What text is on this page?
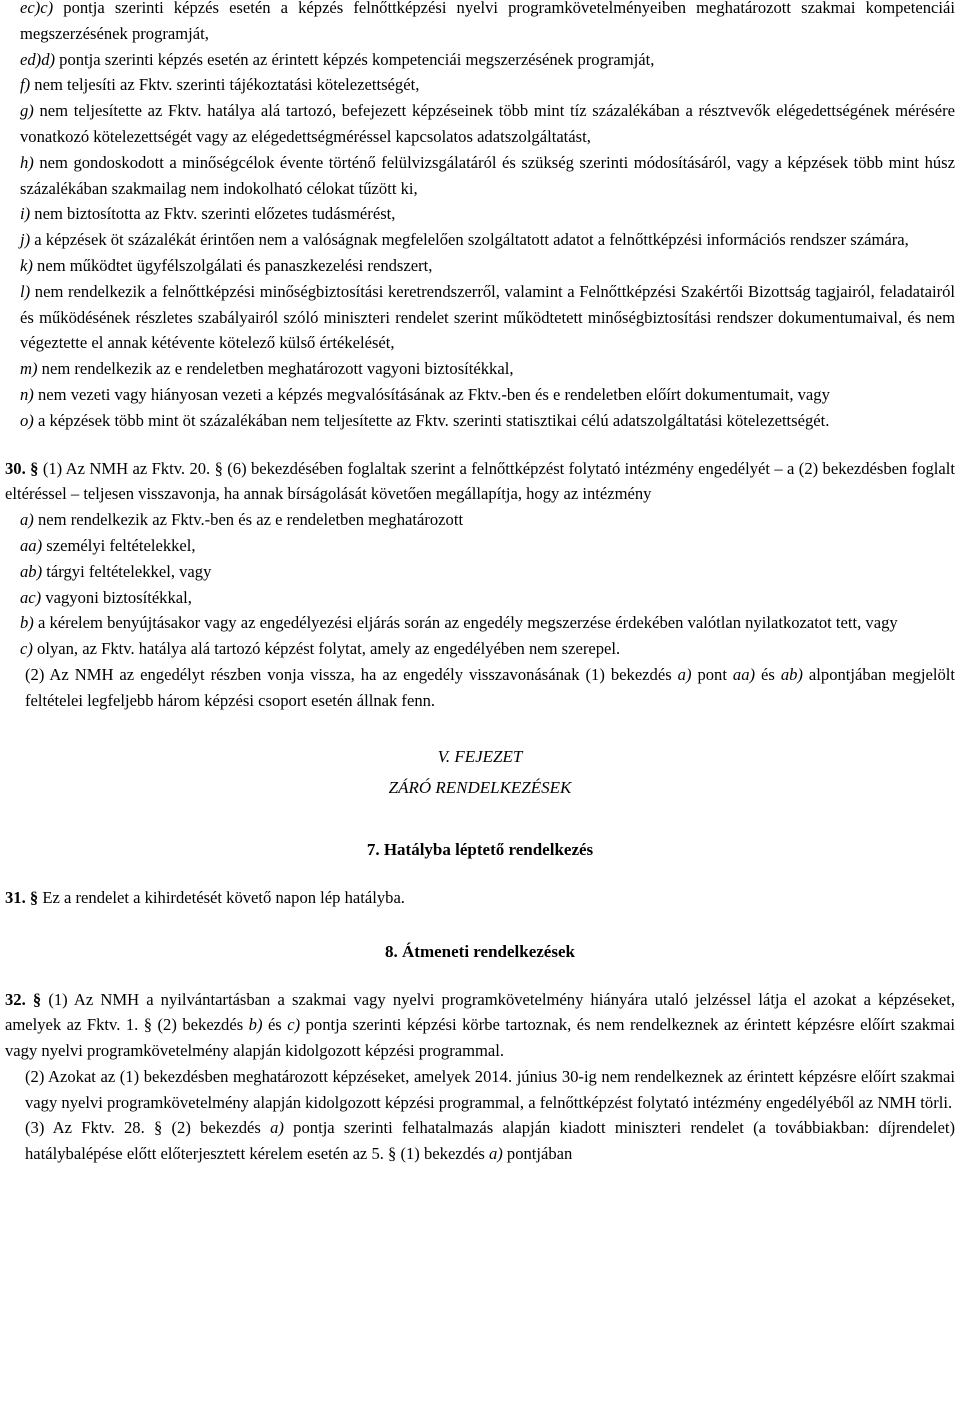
ec)c) pontja szerinti képzés esetén a képzés felnőttképzési nyelvi programkövetelményeiben meghatározott szakmai kompetenciái megszerzésének programját,

ed)d) pontja szerinti képzés esetén az érintett képzés kompetenciái megszerzésének programját,

f) nem teljesíti az Fktv. szerinti tájékoztatási kötelezettségét,

g) nem teljesítette az Fktv. hatálya alá tartozó, befejezett képzéseinek több mint tíz százalékában a résztvevők elégedettségének mérésére vonatkozó kötelezettségét vagy az elégedettségméréssel kapcsolatos adatszolgáltatást,

h) nem gondoskodott a minőségcélok évente történő felülvizsgálatáról és szükség szerinti módosításáról, vagy a képzések több mint húsz százalékában szakmailag nem indokolható célokat tűzött ki,

i) nem biztosította az Fktv. szerinti előzetes tudásmérést,

j) a képzések öt százalékát érintően nem a valóságnak megfelelően szolgáltatott adatot a felnőttképzési információs rendszer számára,

k) nem működtet ügyfélszolgálati és panaszkezelési rendszert,

l) nem rendelkezik a felnőttképzési minőségbiztosítási keretrendszerről, valamint a Felnőttképzési Szakértői Bizottság tagjairól, feladatairól és működésének részletes szabályairól szóló miniszteri rendelet szerint működtetett minőségbiztosítási rendszer dokumentumaival, és nem végeztette el annak kétévente kötelező külső értékelését,

m) nem rendelkezik az e rendeletben meghatározott vagyoni biztosítékkal,

n) nem vezeti vagy hiányosan vezeti a képzés megvalósításának az Fktv.-ben és e rendeletben előírt dokumentumait, vagy

o) a képzések több mint öt százalékában nem teljesítette az Fktv. szerinti statisztikai célú adatszolgáltatási kötelezettségét.

30. § (1) Az NMH az Fktv. 20. § (6) bekezdésében foglaltak szerint a felnőttképzést folytató intézmény engedélyét – a (2) bekezdésben foglalt eltéréssel – teljesen visszavonja, ha annak bírságolását követően megállapítja, hogy az intézmény

a) nem rendelkezik az Fktv.-ben és az e rendeletben meghatározott

aa) személyi feltételekkel,

ab) tárgyi feltételekkel, vagy

ac) vagyoni biztosítékkal,

b) a kérelem benyújtásakor vagy az engedélyezési eljárás során az engedély megszerzése érdekében valótlan nyilatkozatot tett, vagy

c) olyan, az Fktv. hatálya alá tartozó képzést folytat, amely az engedélyében nem szerepel.

(2) Az NMH az engedélyt részben vonja vissza, ha az engedély visszavonásának (1) bekezdés a) pont aa) és ab) alpontjában megjelölt feltételei legfeljebb három képzési csoport esetén állnak fenn.

V. FEJEZET

ZÁRÓ RENDELKEZÉSEK

7. Hatályba léptető rendelkezés

31. § Ez a rendelet a kihirdetését követő napon lép hatályba.

8. Átmeneti rendelkezések

32. § (1) Az NMH a nyilvántartásban a szakmai vagy nyelvi programkövetelmény hiányára utaló jelzéssel látja el azokat a képzéseket, amelyek az Fktv. 1. § (2) bekezdés b) és c) pontja szerinti képzési körbe tartoznak, és nem rendelkeznek az érintett képzésre előírt szakmai vagy nyelvi programkövetelmény alapján kidolgozott képzési programmal.

(2) Azokat az (1) bekezdésben meghatározott képzéseket, amelyek 2014. június 30-ig nem rendelkeznek az érintett képzésre előírt szakmai vagy nyelvi programkövetelmény alapján kidolgozott képzési programmal, a felnőttképzést folytató intézmény engedélyéből az NMH törli.

(3) Az Fktv. 28. § (2) bekezdés a) pontja szerinti felhatalmazás alapján kiadott miniszteri rendelet (a továbbiakban: díjrendelet) hatálybalépése előtt előterjesztett kérelem esetén az 5. § (1) bekezdés a) pontjában
